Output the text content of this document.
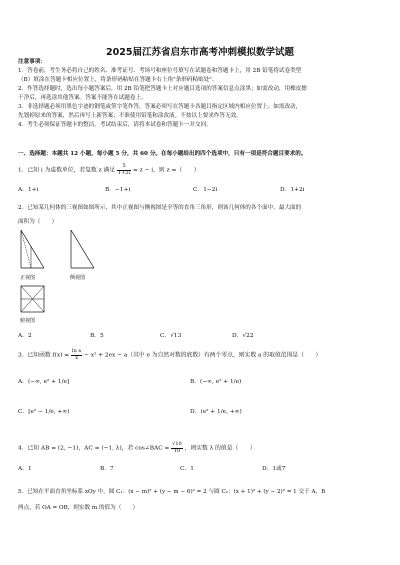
2025届江苏省启东市高考冲刺模拟数学试题
注意事项：
1．答卷前，考生务必将自己的姓名、准考证号、考场号和座位号填写在试题卷和答题卡上，用 2B 铅笔将试卷类型
（B）填涂在答题卡相应位置上，将条形码粘贴在答题卡右上角"条形码粘贴处"。
2．作答选择题时，选出每小题答案后，用 2B 铅笔把答题卡上对应题目选项的答案信息点涂黑；如需改动，用橡皮擦
干净后，再选涂其他答案。答案不能答在试题卷上。
3．非选择题必须用黑色字迹的钢笔或签字笔作答，答案必须写在答题卡各题目指定区域内相应位置上；如需改动，
先划掉原来的答案，然后再写上新答案；不准使用铅笔和涂改液。不按以上要求作答无效。
4．考生必须保证答题卡的整洁。考试结束后，请将本试卷和答题卡一并交回。
一、选择题：本题共 12 小题，每小题 5 分，共 60 分。在每小题给出的四个选项中，只有一项是符合题目要求的。
1．已知 i 为虚数单位，若复数 z 满足 $\frac{5}{1+2i} = z - i$，则 z =（　　）
A．1+i	B．−1+i	C．1−2i	D．1+2i
2．已知某几何体的三视图如图所示，其中正视图与侧视图是全等的直角三角形，则该几何体的各个面中，最大面的
面积为（　　）
正视图	侧视图
俯视图
A．2	B．5	C．√13	D．√22
3．已知函数 $f(x) = \frac{\text{ln x}}{x} - x^2 + 2ex - a$（其中 e 为自然对数的底数）有两个零点，则实数 a 的取值范围是（　　）
A．(−∞, e² + 1/e]	B．(−∞, e² + 1/e)
C．[e² − 1/e, +∞)	D．(e² + 1/e, +∞)
4．已知 AB = (2, −1)，AC = (−1, λ)，若 cos∠BAC = $\frac{√10}{10}$ ，则实数 λ 的值是（　　）
A．1	B．7	C．1	D．1或7
5．已知在平面直角坐标系 xOy 中，圆 C₁：(x − m)² + (y − m − 6)² = 2 与圆 C₂：(x + 1)² + (y − 2)² = 1 交于 A，B
两点，若 OA = OB，则实数 m 的值为（　　）
